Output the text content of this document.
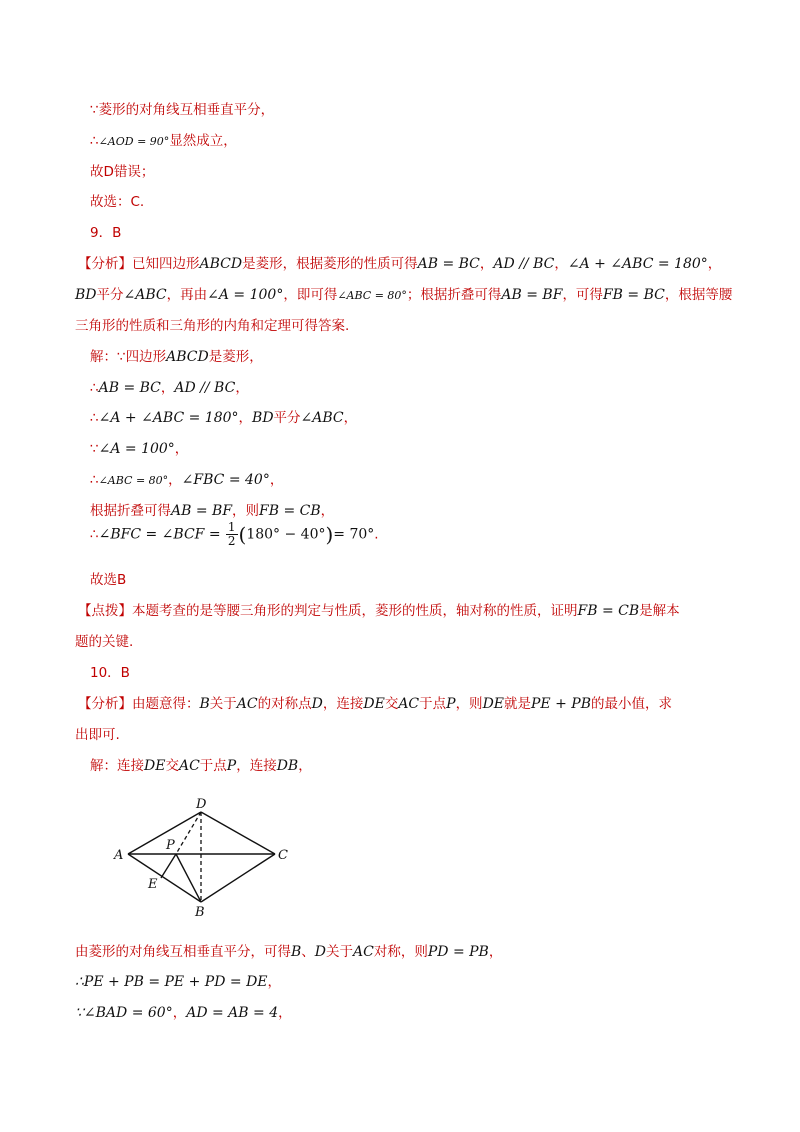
∵菱形的对角线互相垂直平分，
∴∠AOD = 90°显然成立，
故D错误；
故选：C.
9．B
【分析】已知四边形ABCD是菱形，根据菱形的性质可得AB = BC，AD // BC，∠A + ∠ABC = 180°，
BD平分∠ABC，再由∠A = 100°，即可得∠ABC = 80°；根据折叠可得AB = BF，可得FB = BC，根据等腰
三角形的性质和三角形的内角和定理可得答案.
解：∵四边形ABCD是菱形，
∴AB = BC，AD // BC，
∴∠A + ∠ABC = 180°，BD平分∠ABC，
∵∠A = 100°，
∴∠ABC = 80°，∠FBC = 40°，
根据折叠可得AB = BF，则FB = CB，
∴∠BFC = ∠BCF = $\frac{1}{2} (180^\circ - 40^\circ)= 70^\circ$.
故选B
【点拨】本题考查的是等腰三角形的判定与性质，菱形的性质，轴对称的性质，证明FB = CB是解本
题的关键.
10．B
【分析】由题意得：B关于AC的对称点D，连接DE交AC于点P，则DE就是PE + PB的最小值，求
出即可.
解：连接DE交AC于点P，连接DB，
A
D
C
B
E
P
由菱形的对角线互相垂直平分，可得B、D关于AC对称，则PD = PB，
∴PE + PB = PE + PD = DE，
∵∠BAD = 60°，AD = AB = 4，
